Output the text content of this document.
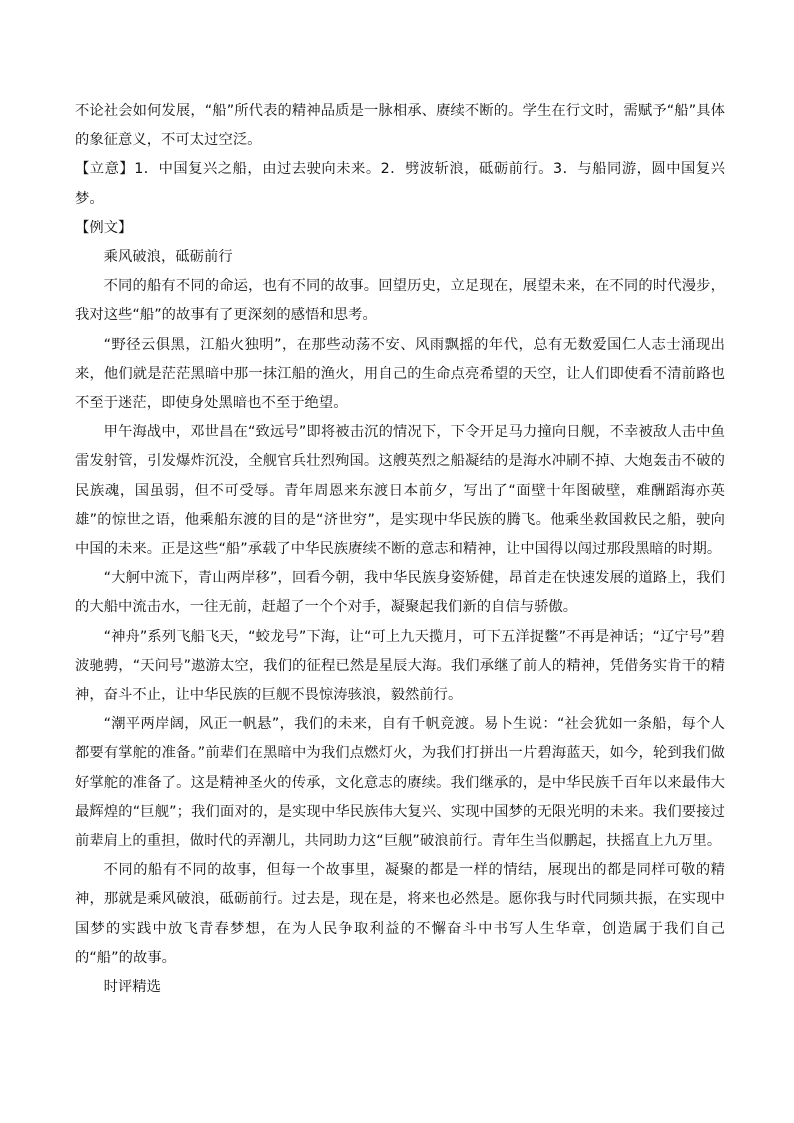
不论社会如何发展，“船”所代表的精神品质是一脉相承、赓续不断的。学生在行文时，需赋予“船”具体的象征意义，不可太过空泛。

【立意】1．中国复兴之船，由过去驶向未来。2．劈波斩浪，砥砺前行。3．与船同游，圆中国复兴梦。

【例文】

乘风破浪，砥砺前行

不同的船有不同的命运，也有不同的故事。回望历史，立足现在，展望未来，在不同的时代漫步，我对这些“船”的故事有了更深刻的感悟和思考。

“野径云俱黑，江船火独明”，在那些动荡不安、风雨飘摇的年代，总有无数爱国仁人志士涌现出来，他们就是茫茫黑暗中那一抹江船的渔火，用自己的生命点亮希望的天空，让人们即使看不清前路也不至于迷茫，即使身处黑暗也不至于绝望。

甲午海战中，邓世昌在“致远号”即将被击沉的情况下，下令开足马力撞向日舰，不幸被敌人击中鱼雷发射管，引发爆炸沉没，全舰官兵壮烈殉国。这艘英烈之船凝结的是海水冲刷不掉、大炮轰击不破的民族魂，国虽弱，但不可受辱。青年周恩来东渡日本前夕，写出了“面壁十年图破壁，难酬蹈海亦英雄”的惊世之语，他乘船东渡的目的是“济世穷”，是实现中华民族的腾飞。他乘坐救国救民之船，驶向中国的未来。正是这些“船”承载了中华民族赓续不断的意志和精神，让中国得以闯过那段黑暗的时期。

“大舸中流下，青山两岸移”，回看今朝，我中华民族身姿矫健，昂首走在快速发展的道路上，我们的大船中流击水，一往无前，赶超了一个个对手，凝聚起我们新的自信与骄傲。

“神舟”系列飞船飞天，“蛟龙号”下海，让“可上九天揽月，可下五洋捉鳖”不再是神话；“辽宁号”碧波驰骋，“天问号”遨游太空，我们的征程已然是星辰大海。我们承继了前人的精神，凭借务实肯干的精神，奋斗不止，让中华民族的巨舰不畏惊涛骇浪，毅然前行。

“潮平两岸阔，风正一帆悬”，我们的未来，自有千帆竞渡。易卜生说：“社会犹如一条船，每个人都要有掌舵的准备。”前辈们在黑暗中为我们点燃灯火，为我们打拼出一片碧海蓝天，如今，轮到我们做好掌舵的准备了。这是精神圣火的传承，文化意志的赓续。我们继承的，是中华民族千百年以来最伟大最辉煌的“巨舰”；我们面对的，是实现中华民族伟大复兴、实现中国梦的无限光明的未来。我们要接过前辈肩上的重担，做时代的弄潮儿，共同助力这“巨舰”破浪前行。青年生当似鹏起，扶摇直上九万里。

不同的船有不同的故事，但每一个故事里，凝聚的都是一样的情结，展现出的都是同样可敬的精神，那就是乘风破浪，砥砺前行。过去是，现在是，将来也必然是。愿你我与时代同频共振，在实现中国梦的实践中放飞青春梦想，在为人民争取利益的不懈奋斗中书写人生华章，创造属于我们自己的“船”的故事。

时评精选
